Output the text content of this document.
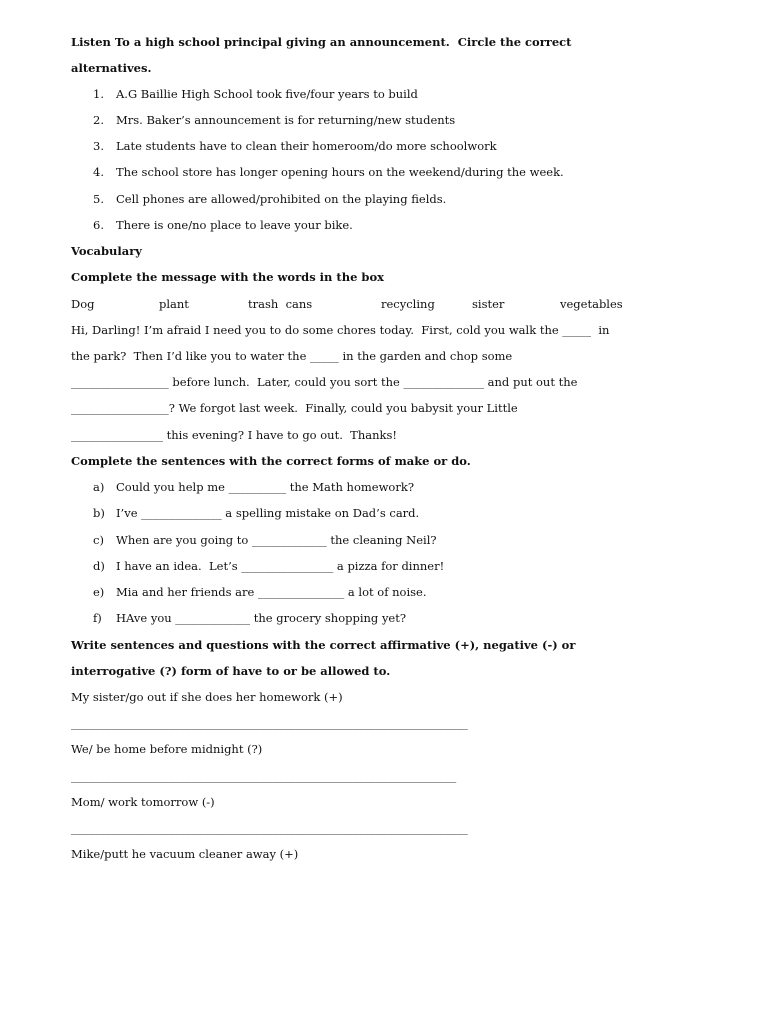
Listen To a high school principal giving an announcement.  Circle the correct
alternatives.
1. A.G Baillie High School took five/four years to build
2. Mrs. Baker’s announcement is for returning/new students
3. Late students have to clean their homeroom/do more schoolwork
4. The school store has longer opening hours on the weekend/during the week.
5. Cell phones are allowed/prohibited on the playing fields.
6. There is one/no place to leave your bike.
Vocabulary
Complete the message with the words in the box
Dog	plant	trash  cans	recycling	sister	vegetables
Hi, Darling! I’m afraid I need you to do some chores today.  First, cold you walk the _____  in
the park?  Then I’d like you to water the _____ in the garden and chop some
_________________ before lunch.  Later, could you sort the ______________ and put out the
_________________? We forgot last week.  Finally, could you babysit your Little
________________ this evening? I have to go out.  Thanks!
Complete the sentences with the correct forms of make or do.
a) Could you help me __________ the Math homework?
b) I’ve ______________ a spelling mistake on Dad’s card.
c) When are you going to _____________ the cleaning Neil?
d) I have an idea.  Let’s ________________ a pizza for dinner!
e) Mia and her friends are _______________ a lot of noise.
f) HAve you _____________ the grocery shopping yet?
Write sentences and questions with the correct affirmative (+), negative (-) or
interrogative (?) form of have to or be allowed to.
My sister/go out if she does her homework (+)
_____________________________________________________________________
We/ be home before midnight (?)
___________________________________________________________________
Mom/ work tomorrow (-)
_____________________________________________________________________
Mike/putt he vacuum cleaner away (+)
